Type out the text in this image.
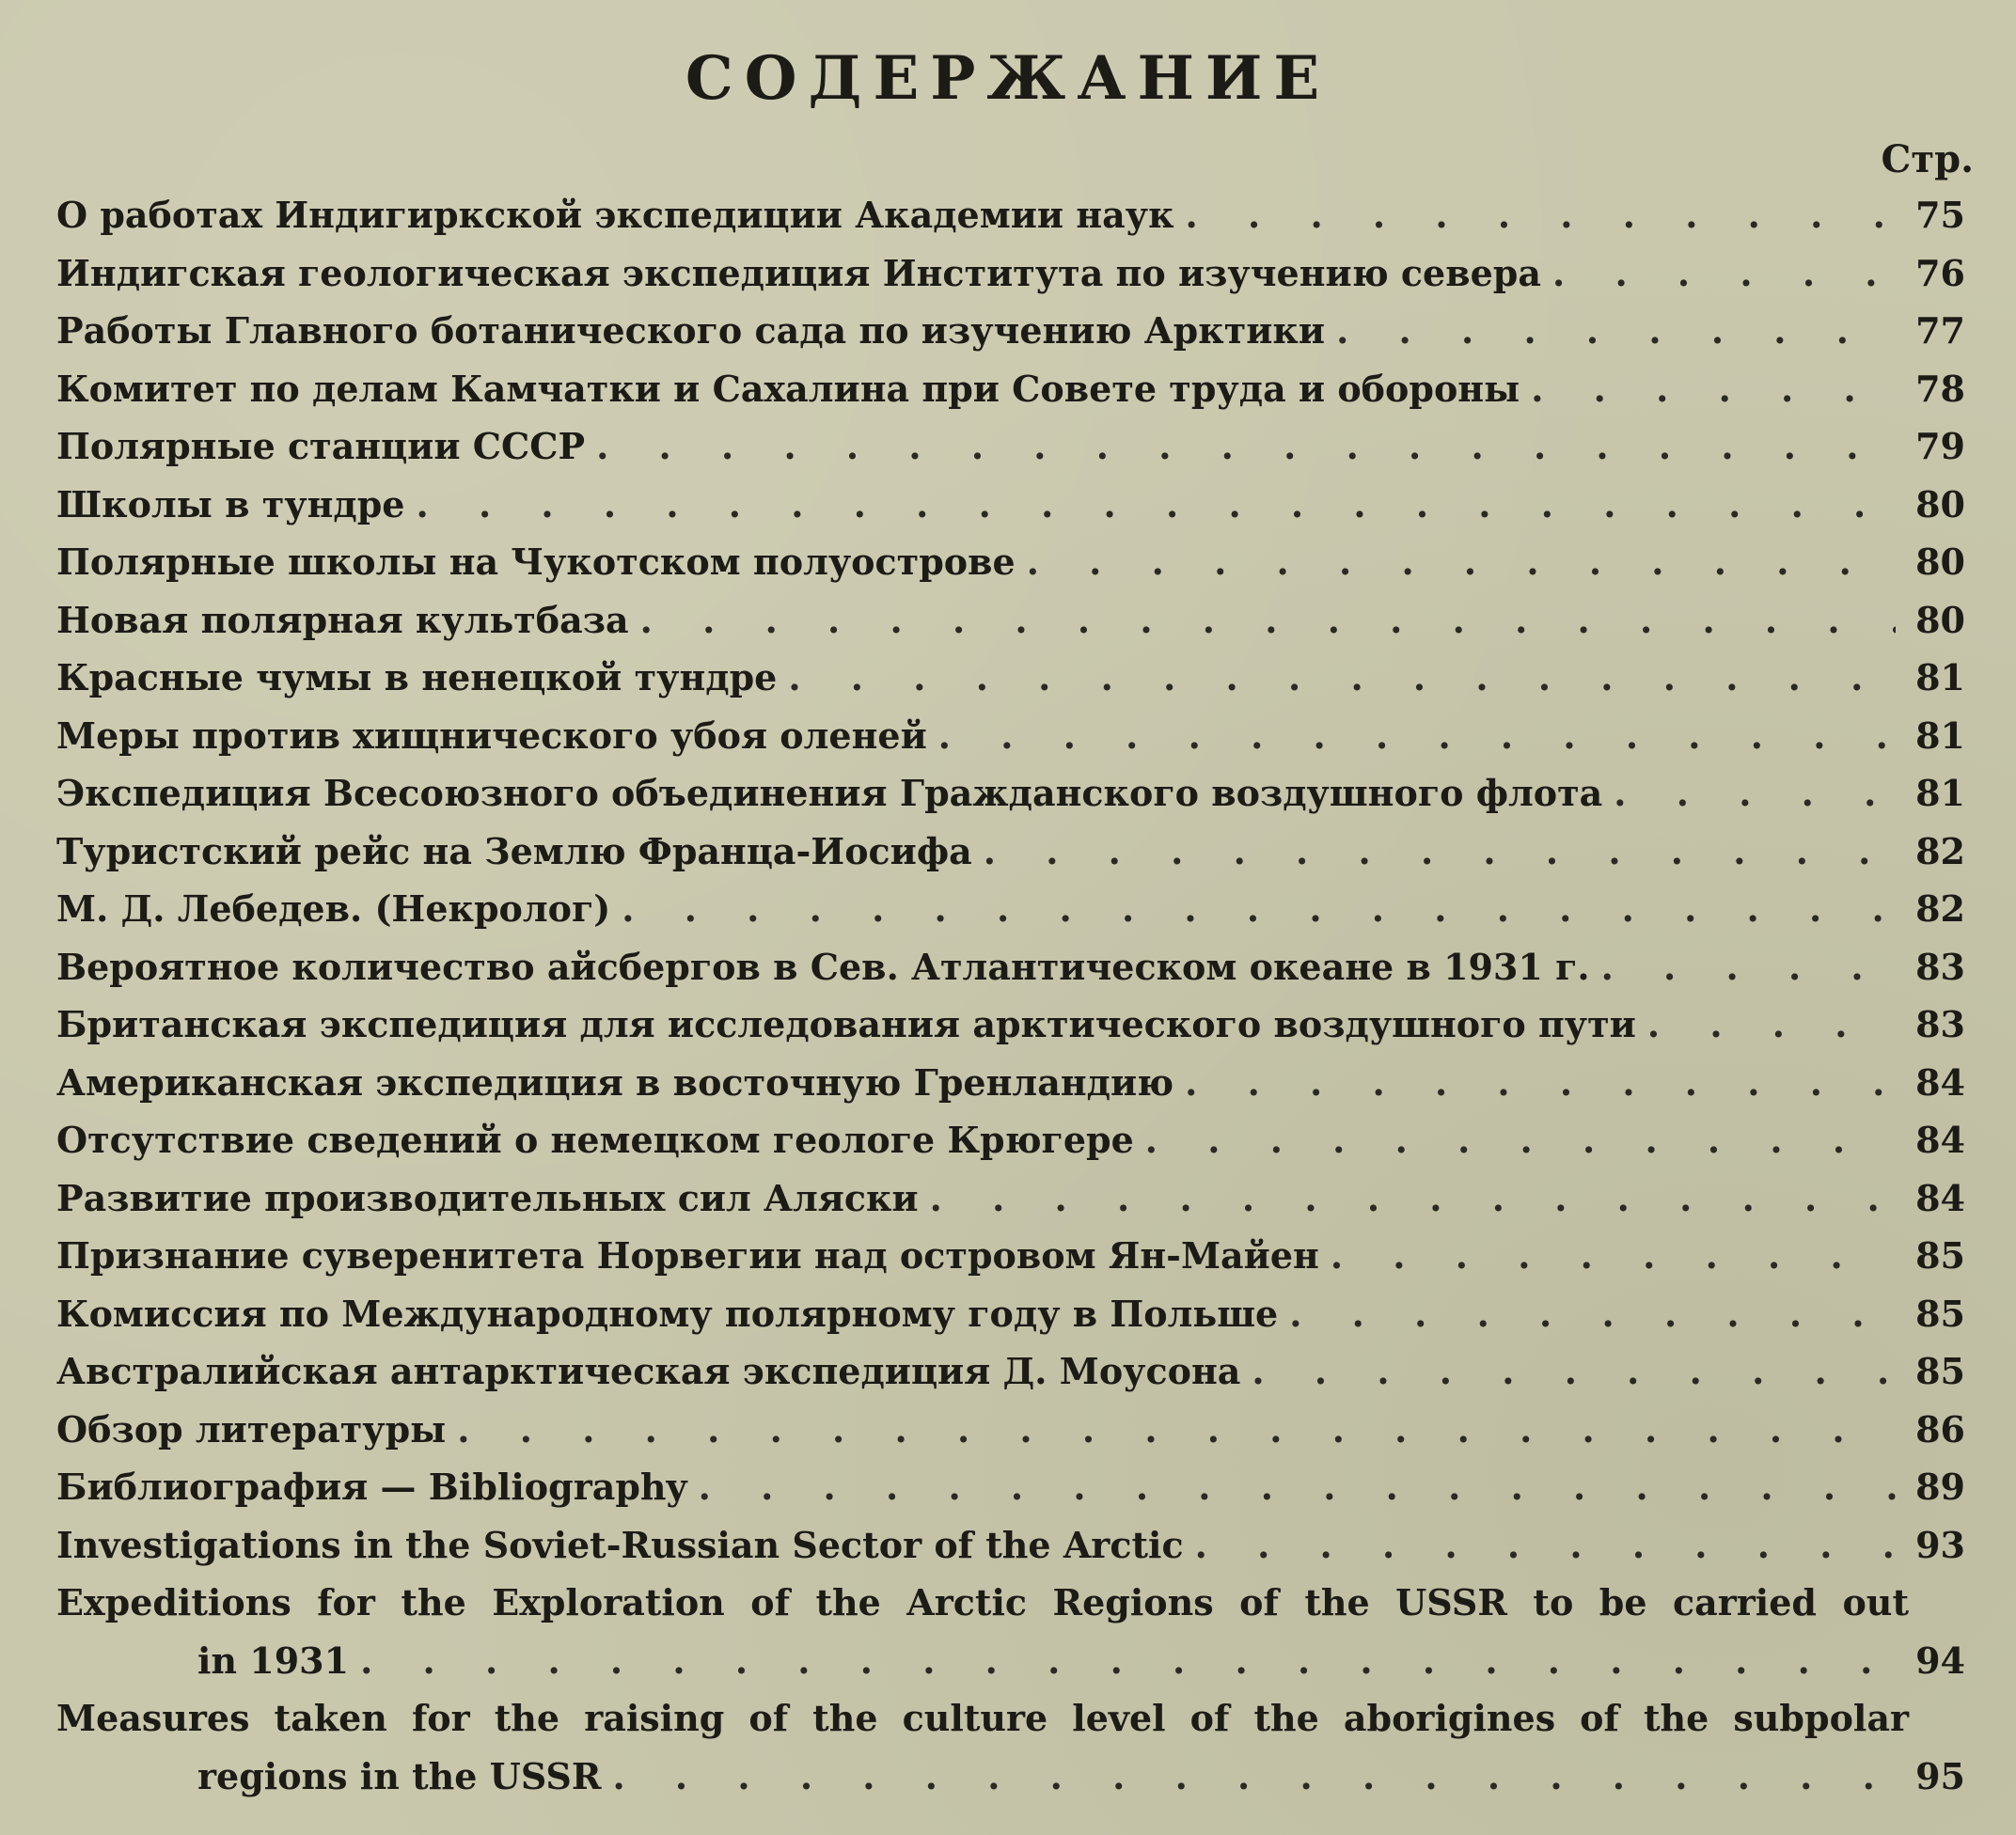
СОДЕРЖАНИЕ
Стр.
О работах Индигиркской экспедиции Академии наук . . .	75
Индигская геологическая экспедиция Института по изучению севера . . .	76
Работы Главного ботанического сада по изучению Арктики . . .	77
Комитет по делам Камчатки и Сахалина при Совете труда и обороны . . .	78
Полярные станции СССР . . .	79
Школы в тундре . . .	80
Полярные школы на Чукотском полуострове . . .	80
Новая полярная культбаза . . .	80
Красные чумы в ненецкой тундре . . .	81
Меры против хищнического убоя оленей . . .	81
Экспедиция Всесоюзного объединения Гражданского воздушного флота . . .	81
Туристский рейс на Землю Франца-Иосифа . . .	82
М. Д. Лебедев. (Некролог) . . .	82
Вероятное количество айсбергов в Сев. Атлантическом океане в 1931 г. . . .	83
Британская экспедиция для исследования арктического воздушного пути . . .	83
Американская экспедиция в восточную Гренландию . . .	84
Отсутствие сведений о немецком геологе Крюгере . . .	84
Развитие производительных сил Аляски . . .	84
Признание суверенитета Норвегии над островом Ян-Майен . . .	85
Комиссия по Международному полярному году в Польше . . .	85
Австралийская антарктическая экспедиция Д. Моусона . . .	85
Обзор литературы . . .	86
Библиография — Bibliography . . .	89
Investigations in the Soviet-Russian Sector of the Arctic . . .	93
Expeditions for the Exploration of the Arctic Regions of the USSR to be carried out
in 1931 . . .	94
Measures taken for the raising of the culture level of the aborigines of the subpolar
regions in the USSR . . .	95
